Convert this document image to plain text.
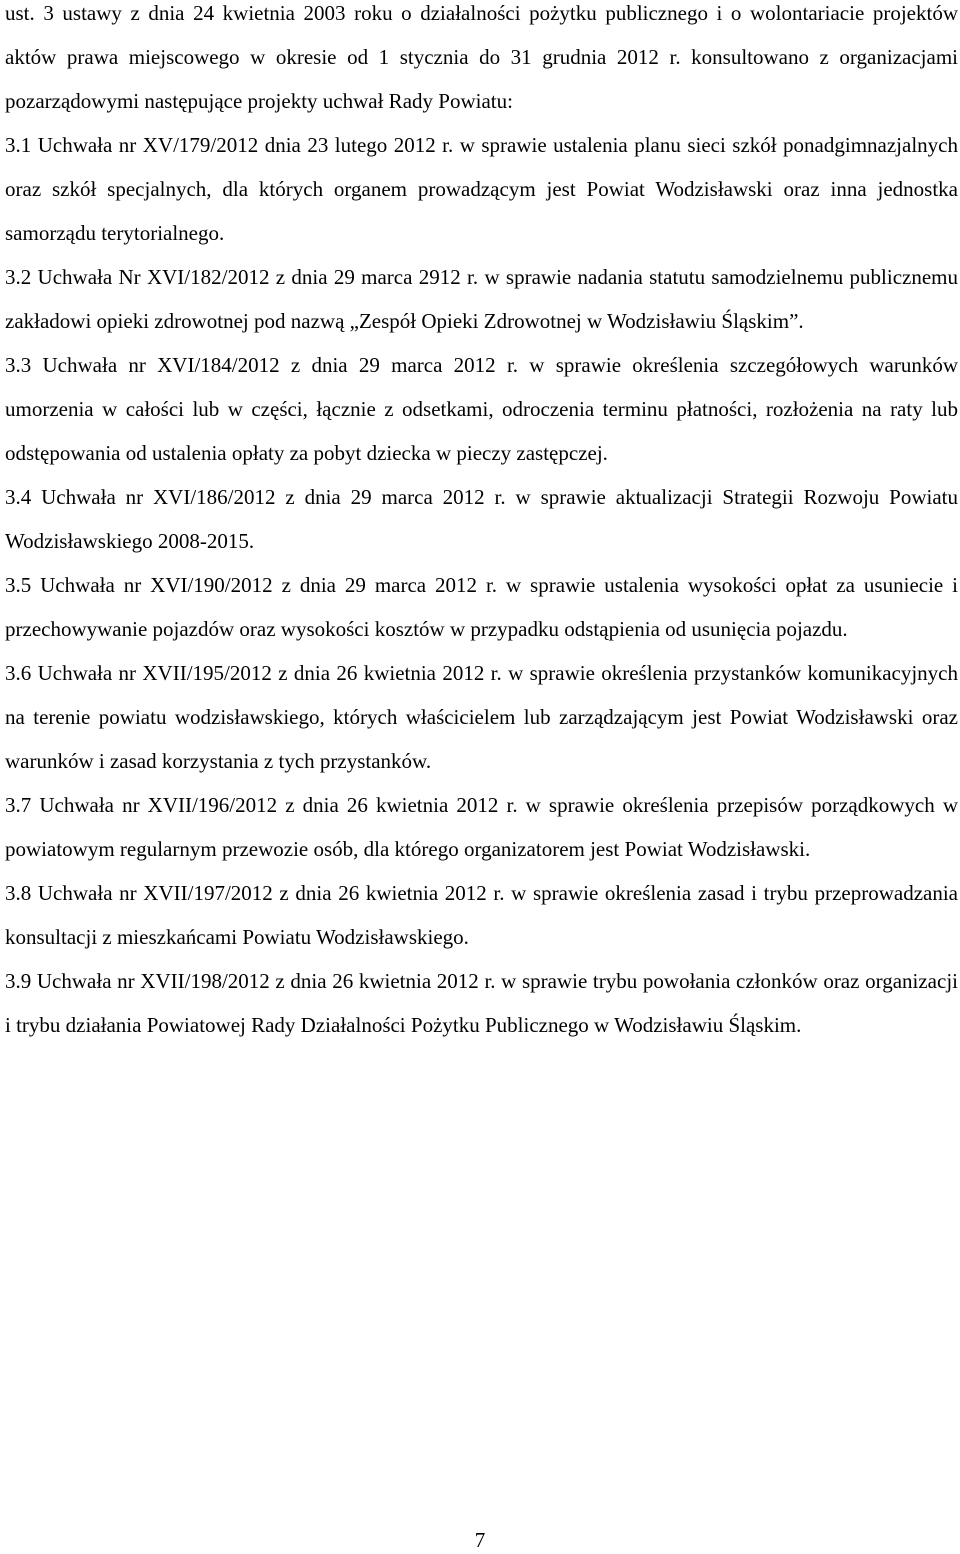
ust. 3 ustawy z dnia 24 kwietnia 2003 roku o działalności pożytku publicznego i o wolontariacie projektów aktów prawa miejscowego w okresie od 1 stycznia do 31 grudnia 2012 r. konsultowano z organizacjami pozarządowymi następujące projekty uchwał Rady Powiatu:

3.1 Uchwała nr XV/179/2012 dnia 23 lutego 2012 r. w sprawie ustalenia planu sieci szkół ponadgimnazjalnych oraz szkół specjalnych, dla których organem prowadzącym jest Powiat Wodzisławski oraz inna jednostka samorządu terytorialnego.

3.2 Uchwała Nr XVI/182/2012 z dnia 29 marca 2912 r. w sprawie nadania statutu samodzielnemu publicznemu zakładowi opieki zdrowotnej pod nazwą „Zespół Opieki Zdrowotnej w Wodzisławiu Śląskim”.

3.3 Uchwała nr XVI/184/2012 z dnia 29 marca 2012 r. w sprawie określenia szczegółowych warunków umorzenia w całości lub w części, łącznie z odsetkami, odroczenia terminu płatności, rozłożenia na raty lub odstępowania od ustalenia opłaty za pobyt dziecka w pieczy zastępczej.

3.4 Uchwała nr XVI/186/2012 z dnia 29 marca 2012 r. w sprawie aktualizacji Strategii Rozwoju Powiatu Wodzisławskiego 2008-2015.

3.5 Uchwała nr XVI/190/2012 z dnia 29 marca 2012 r. w sprawie ustalenia wysokości opłat za usuniecie i przechowywanie pojazdów oraz wysokości kosztów w przypadku odstąpienia od usunięcia pojazdu.

3.6 Uchwała nr XVII/195/2012 z dnia 26 kwietnia 2012 r. w sprawie określenia przystanków komunikacyjnych na terenie powiatu wodzisławskiego, których właścicielem lub zarządzającym jest Powiat Wodzisławski oraz warunków i zasad korzystania z tych przystanków.

3.7 Uchwała nr XVII/196/2012 z dnia 26 kwietnia 2012 r. w sprawie określenia przepisów porządkowych w powiatowym regularnym przewozie osób, dla którego organizatorem jest Powiat Wodzisławski.

3.8 Uchwała nr XVII/197/2012 z dnia 26 kwietnia 2012 r. w sprawie określenia zasad i trybu przeprowadzania konsultacji z mieszkańcami Powiatu Wodzisławskiego.

3.9 Uchwała nr XVII/198/2012 z dnia 26 kwietnia 2012 r. w sprawie trybu powołania członków oraz organizacji i trybu działania Powiatowej Rady Działalności Pożytku Publicznego w Wodzisławiu Śląskim.

7
